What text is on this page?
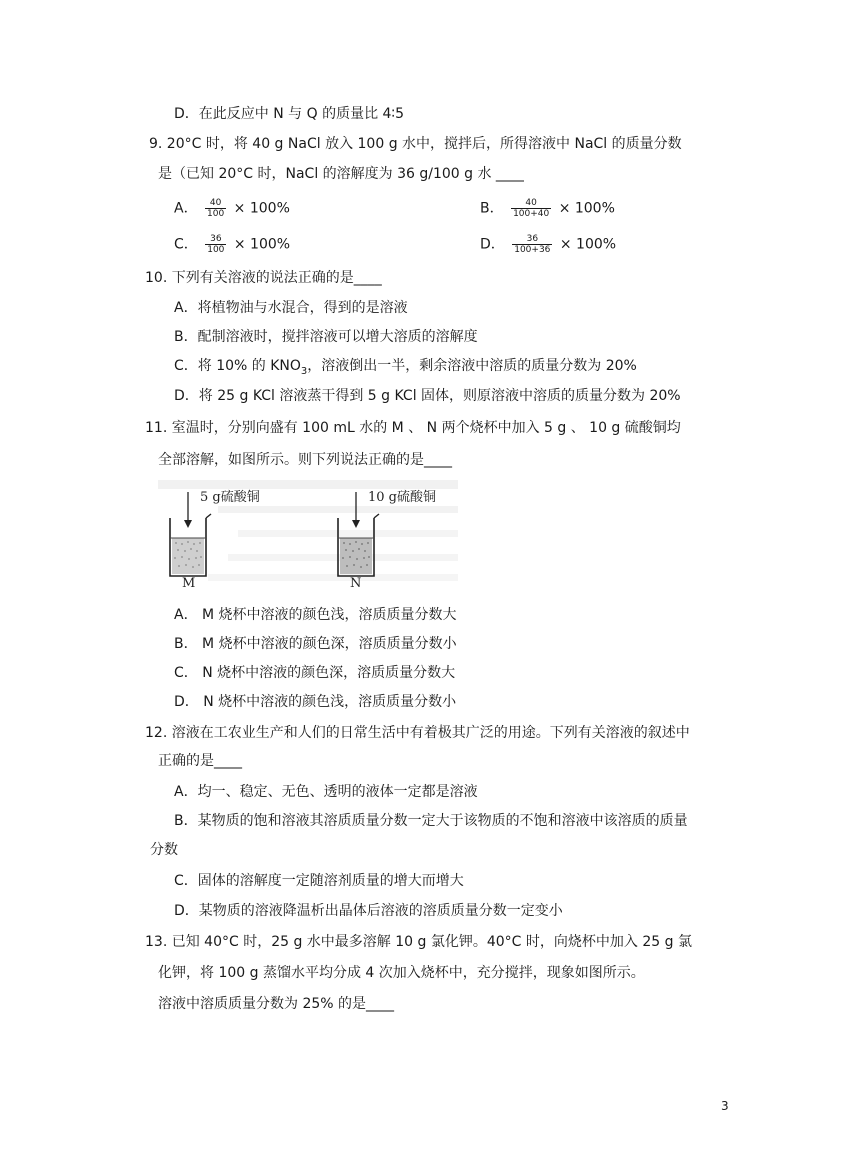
D．在此反应中 N 与 Q 的质量比 4∶5
9. 20°C 时，将 40 g NaCl 放入 100 g 水中，搅拌后，所得溶液中 NaCl 的质量分数
是（已知 20°C 时，NaCl 的溶解度为 36 g/100 g 水 ____
A． $\frac{40}{100} \times 100\%$	B． $\frac{40}{100+40} \times 100\%$
C． $\frac{36}{100} \times 100\%$	D． $\frac{36}{100+36} \times 100\%$
10. 下列有关溶液的说法正确的是____
A．将植物油与水混合，得到的是溶液
B．配制溶液时，搅拌溶液可以增大溶质的溶解度
C．将 10% 的 $KNO_3$，溶液倒出一半，剩余溶液中溶质的质量分数为 20%
D．将 25 g KCl 溶液蒸干得到 5 g KCl 固体，则原溶液中溶质的质量分数为 20%
11. 室温时，分别向盛有 100 mL 水的 M 、 N 两个烧杯中加入 5 g 、 10 g 硫酸铜均
全部溶解，如图所示。则下列说法正确的是____
5 g硫酸铜	10 g硫酸铜
M	N
A． M 烧杯中溶液的颜色浅，溶质质量分数大
B． M 烧杯中溶液的颜色深，溶质质量分数小
C． N 烧杯中溶液的颜色深，溶质质量分数大
D． N 烧杯中溶液的颜色浅，溶质质量分数小
12. 溶液在工农业生产和人们的日常生活中有着极其广泛的用途。下列有关溶液的叙述中
正确的是____
A．均一、稳定、无色、透明的液体一定都是溶液
B．某物质的饱和溶液其溶质质量分数一定大于该物质的不饱和溶液中该溶质的质量
分数
C．固体的溶解度一定随溶剂质量的增大而增大
D．某物质的溶液降温析出晶体后溶液的溶质质量分数一定变小
13. 已知 40°C 时，25 g 水中最多溶解 10 g 氯化钾。40°C 时，向烧杯中加入 25 g 氯
化钾，将 100 g 蒸馏水平均分成 4 次加入烧杯中，充分搅拌，现象如图所示。
溶液中溶质质量分数为 25% 的是____
3
